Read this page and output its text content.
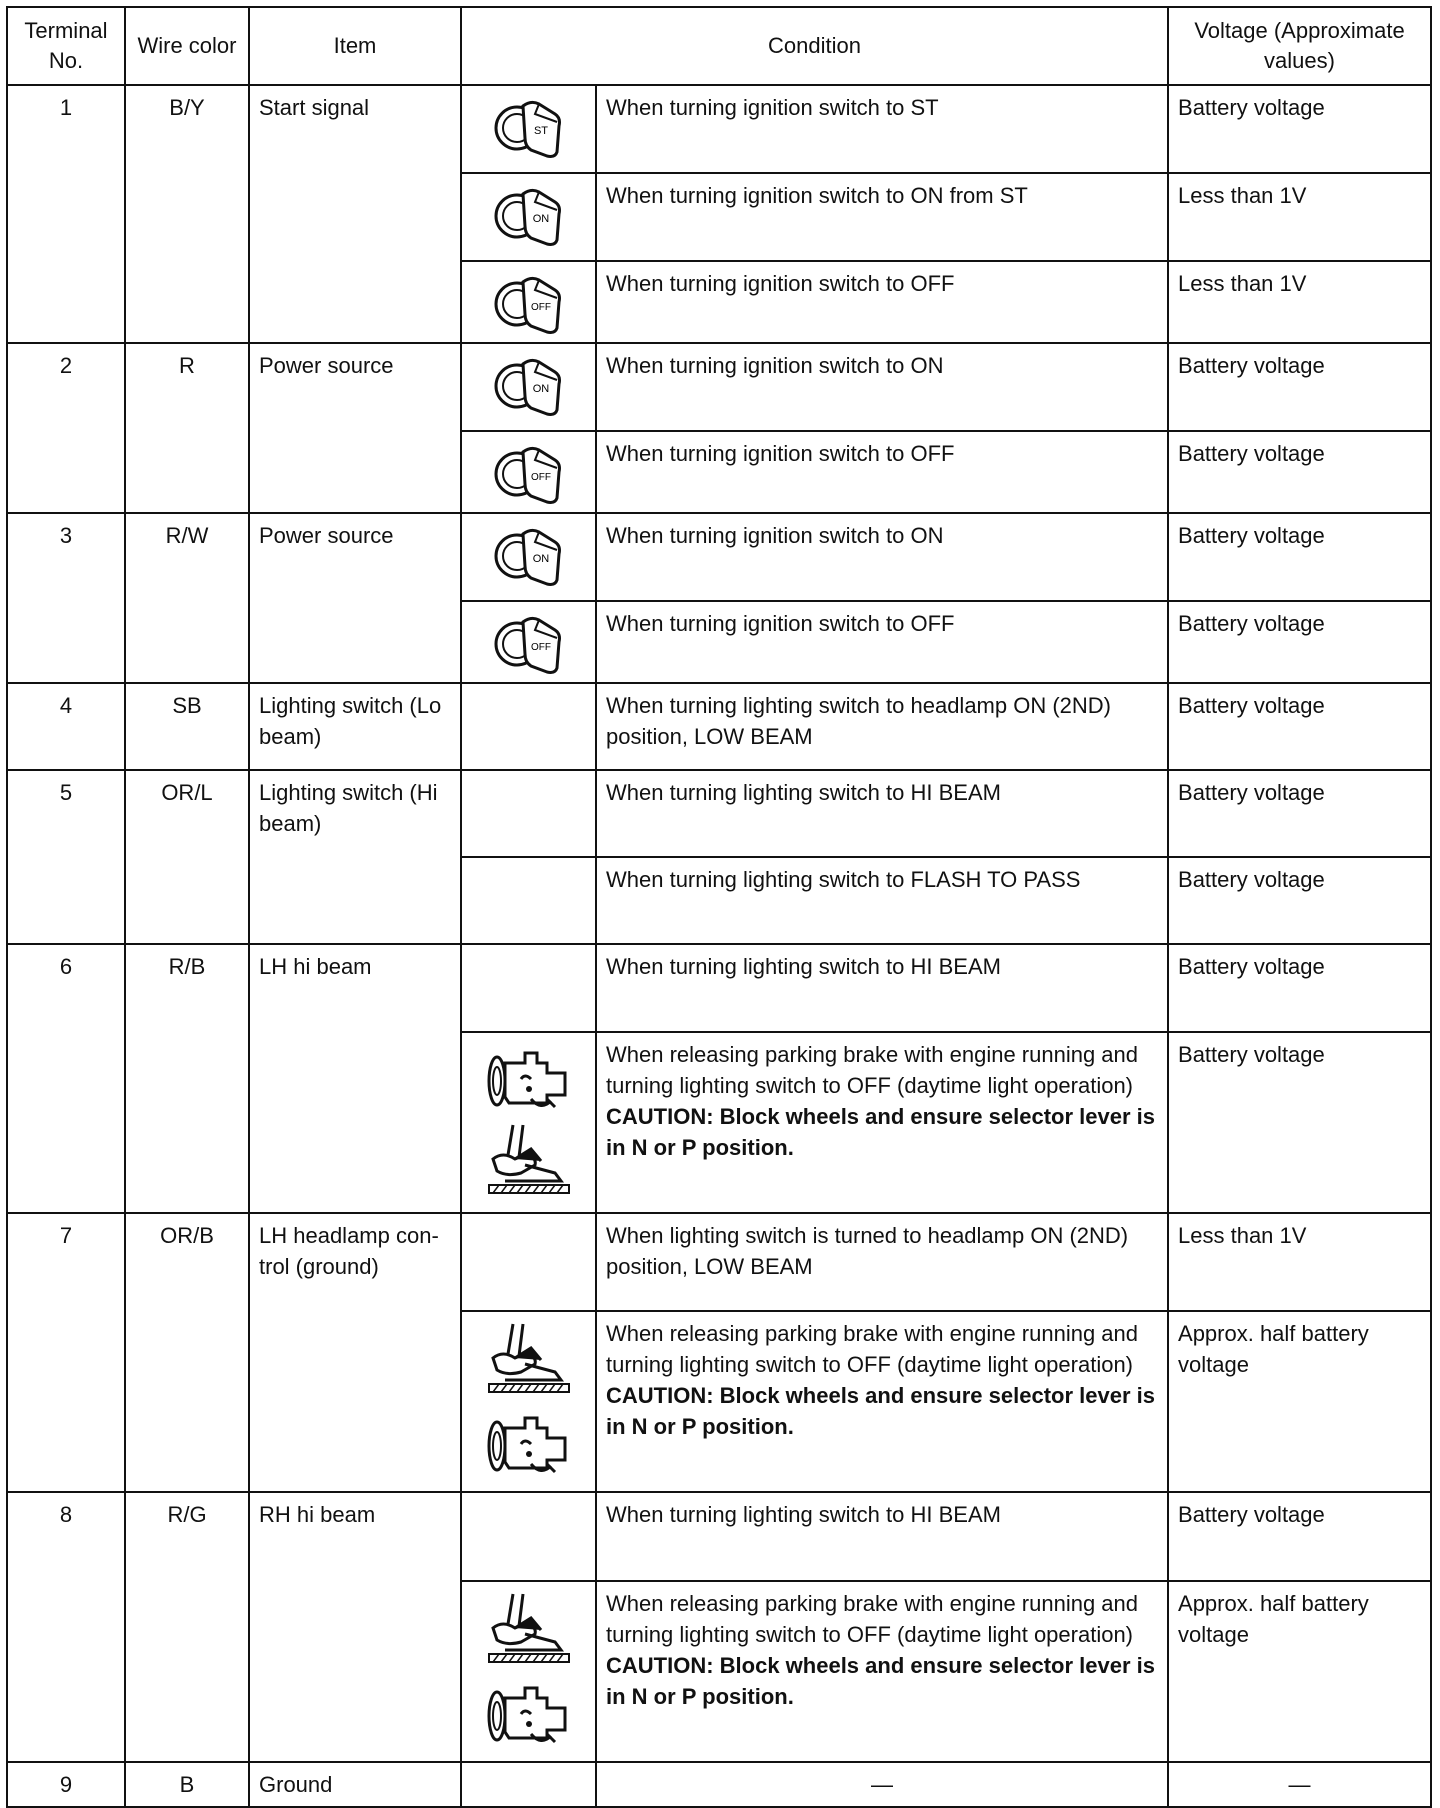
Terminal No.	Wire color	Item	Condition		Voltage (Approximate values)
1	B/Y	Start signal	ST	When turning ignition switch to ST	Battery voltage

ON	When turning ignition switch to ON from ST	Less than 1V

OFF	When turning ignition switch to OFF	Less than 1V
2	R	Power source	ON	When turning ignition switch to ON	Battery voltage

OFF	When turning ignition switch to OFF	Battery voltage
3	R/W	Power source	ON	When turning ignition switch to ON	Battery voltage

OFF	When turning ignition switch to OFF	Battery voltage
4	SB	Lighting switch (Lo beam)		When turning lighting switch to headlamp ON (2ND) position, LOW BEAM	Battery voltage
5	OR/L	Lighting switch (Hi beam)		When turning lighting switch to HI BEAM	Battery voltage
				When turning lighting switch to FLASH TO PASS	Battery voltage
6	R/B	LH hi beam		When turning lighting switch to HI BEAM	Battery voltage

	When releasing parking brake with engine running and turning lighting switch to OFF (daytime light operation)
CAUTION: Block wheels and ensure selector lever is in N or P position.	Battery voltage
7	OR/B	LH headlamp con-trol (ground)		When lighting switch is turned to headlamp ON (2ND) position, LOW BEAM	Less than 1V

	When releasing parking brake with engine running and turning lighting switch to OFF (daytime light operation)
CAUTION: Block wheels and ensure selector lever is in N or P position.	Approx. half battery voltage
8	R/G	RH hi beam		When turning lighting switch to HI BEAM	Battery voltage

	When releasing parking brake with engine running and turning lighting switch to OFF (daytime light operation)
CAUTION: Block wheels and ensure selector lever is in N or P position.	Approx. half battery voltage
9	B	Ground		—	—
